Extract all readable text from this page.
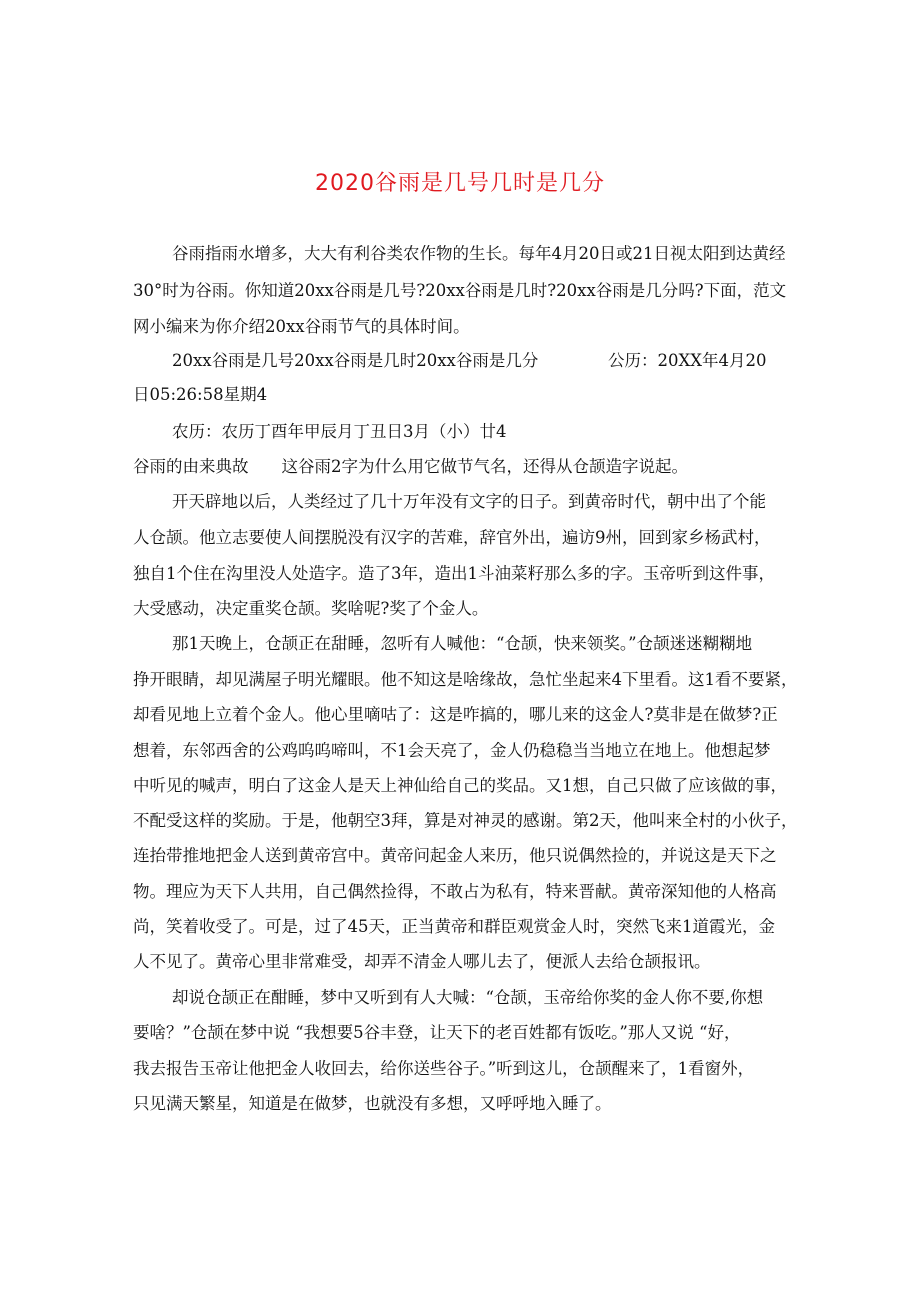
2020谷雨是几号几时是几分
谷雨指雨水增多，大大有利谷类农作物的生长。每年4月20日或21日视太阳到达黄经
30°时为谷雨。你知道20xx谷雨是几号?20xx谷雨是几时?20xx谷雨是几分吗?下面，范文
网小编来为你介绍20xx谷雨节气的具体时间。
20xx谷雨是几号20xx谷雨是几时20xx谷雨是几分	公历：20XX年4月20
日05:26:58星期4
农历：农历丁酉年甲辰月丁丑日3月（小）廿4
谷雨的由来典故　　这谷雨2字为什么用它做节气名，还得从仓颉造字说起。
开天辟地以后，人类经过了几十万年没有文字的日子。到黄帝时代，朝中出了个能
人仓颉。他立志要使人间摆脱没有汉字的苦难，辞官外出，遍访9州，回到家乡杨武村，
独自1个住在沟里没人处造字。造了3年，造出1斗油菜籽那么多的字。玉帝听到这件事，
大受感动，决定重奖仓颉。奖啥呢?奖了个金人。
那1天晚上，仓颉正在甜睡，忽听有人喊他：“仓颉，快来领奖。”仓颉迷迷糊糊地
挣开眼睛，却见满屋子明光耀眼。他不知这是啥缘故，急忙坐起来4下里看。这1看不要紧，
却看见地上立着个金人。他心里嘀咕了：这是咋搞的，哪儿来的这金人?莫非是在做梦?正
想着，东邻西舍的公鸡呜呜啼叫，不1会天亮了，金人仍稳稳当当地立在地上。他想起梦
中听见的喊声，明白了这金人是天上神仙给自己的奖品。又1想，自己只做了应该做的事，
不配受这样的奖励。于是，他朝空3拜，算是对神灵的感谢。第2天，他叫来全村的小伙子，
连抬带推地把金人送到黄帝宫中。黄帝问起金人来历，他只说偶然捡的，并说这是天下之
物。理应为天下人共用，自己偶然捡得，不敢占为私有，特来晋献。黄帝深知他的人格高
尚，笑着收受了。可是，过了45天，正当黄帝和群臣观赏金人时，突然飞来1道霞光，金
人不见了。黄帝心里非常难受，却弄不清金人哪儿去了，便派人去给仓颉报讯。
却说仓颉正在酣睡，梦中又听到有人大喊：“仓颉，玉帝给你奖的金人你不要,你想
要啥？”仓颉在梦中说 “我想要5谷丰登，让天下的老百姓都有饭吃。”那人又说 “好，
我去报告玉帝让他把金人收回去，给你送些谷子。”听到这儿，仓颉醒来了，1看窗外，
只见满天繁星，知道是在做梦，也就没有多想，又呼呼地入睡了。
